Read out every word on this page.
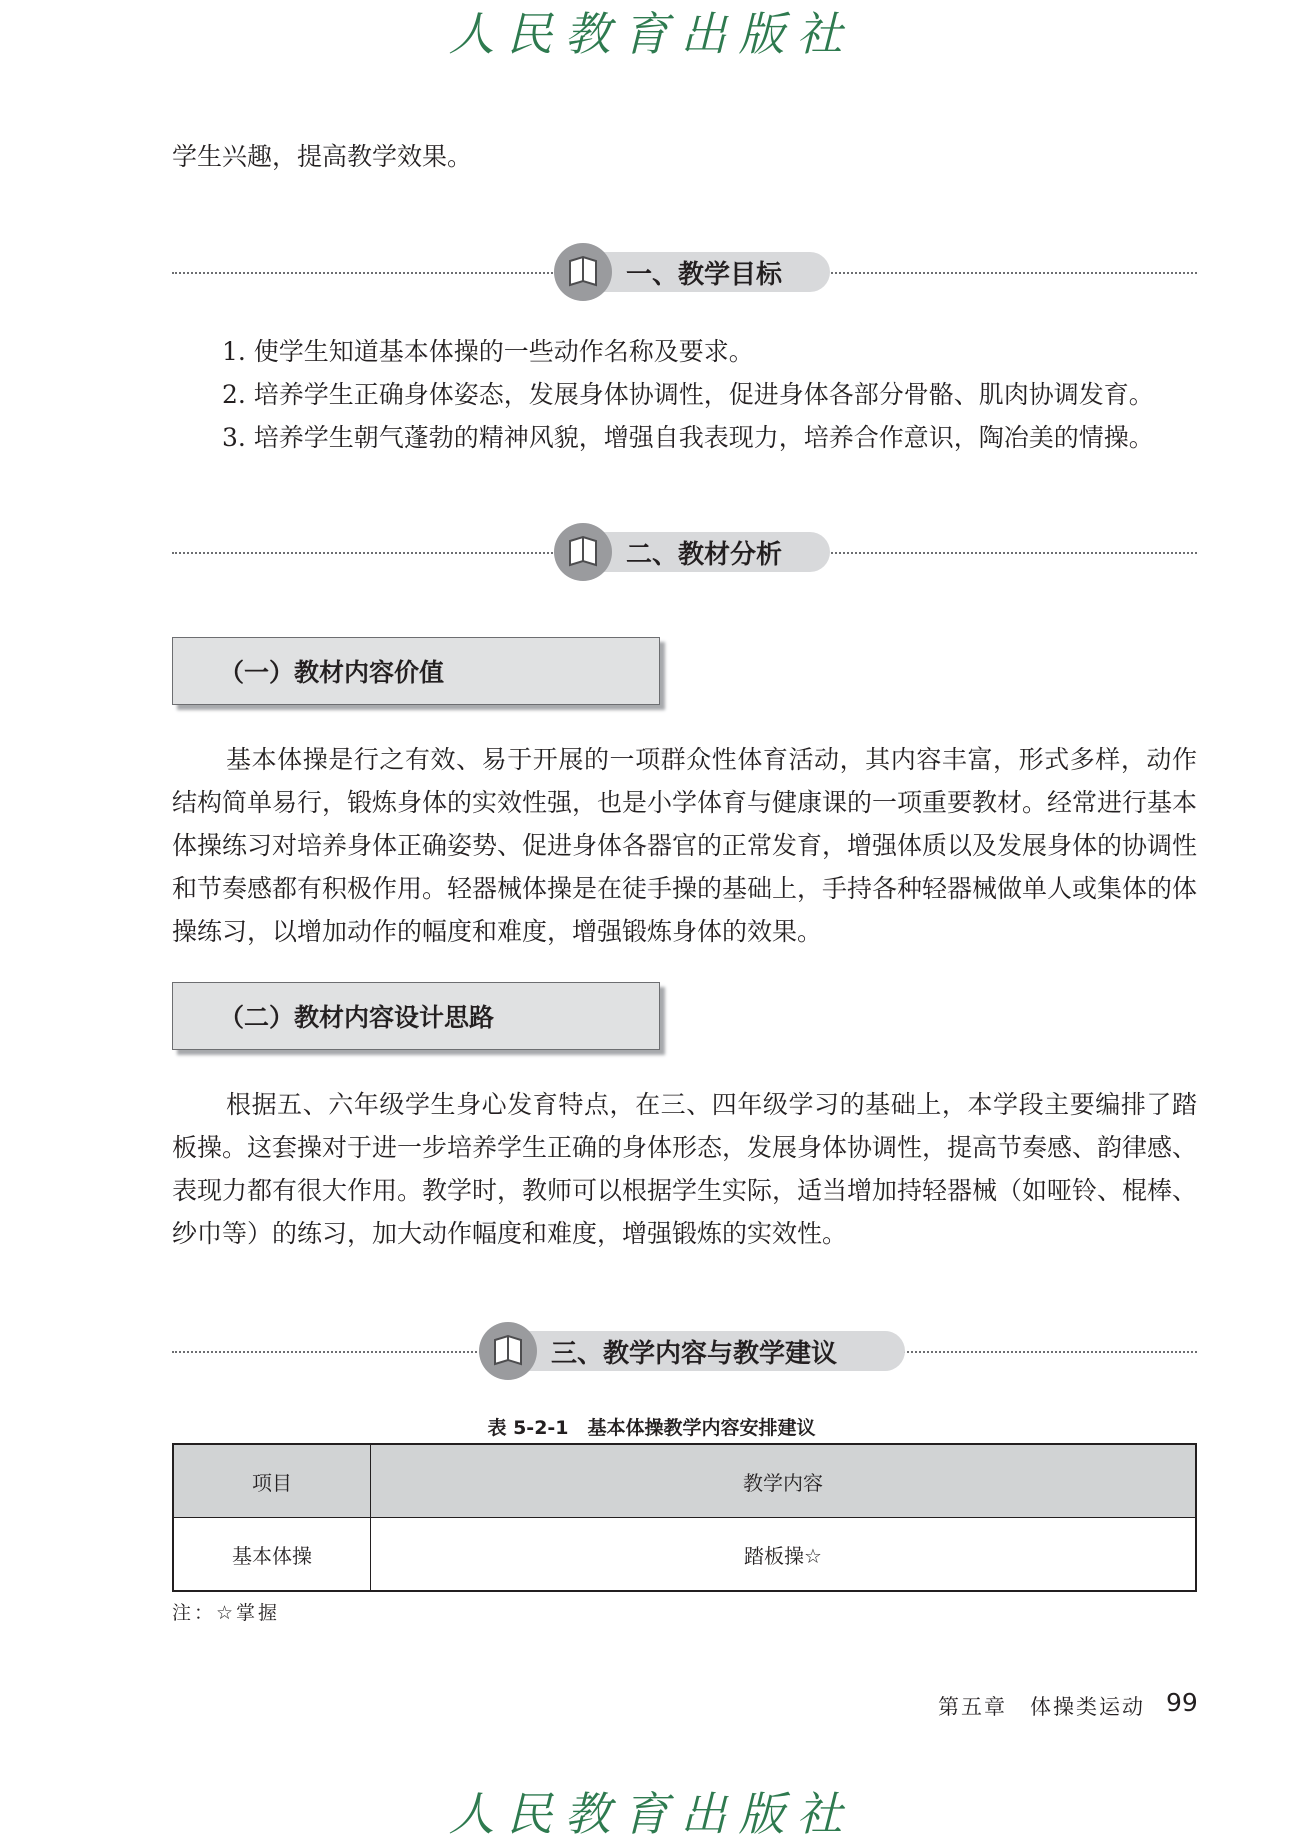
人民教育出版社

学生兴趣，提高教学效果。

一、教学目标

1. 使学生知道基本体操的一些动作名称及要求。

2. 培养学生正确身体姿态，发展身体协调性，促进身体各部分骨骼、肌肉协调发育。

3. 培养学生朝气蓬勃的精神风貌，增强自我表现力，培养合作意识，陶冶美的情操。

二、教材分析
（一）教材内容价值

基本体操是行之有效、易于开展的一项群众性体育活动，其内容丰富，形式多样，动作结构简单易行，锻炼身体的实效性强，也是小学体育与健康课的一项重要教材。经常进行基本体操练习对培养身体正确姿势、促进身体各器官的正常发育，增强体质以及发展身体的协调性和节奏感都有积极作用。轻器械体操是在徒手操的基础上，手持各种轻器械做单人或集体的体操练习，以增加动作的幅度和难度，增强锻炼身体的效果。

（二）教材内容设计思路

根据五、六年级学生身心发育特点，在三、四年级学习的基础上，本学段主要编排了踏板操。这套操对于进一步培养学生正确的身体形态，发展身体协调性，提高节奏感、韵律感、表现力都有很大作用。教学时，教师可以根据学生实际，适当增加持轻器械（如哑铃、棍棒、纱巾等）的练习，加大动作幅度和难度，增强锻炼的实效性。

三、教学内容与教学建议
表 5-2-1　基本体操教学内容安排建议
项目	教学内容
基本体操	踏板操☆
注：☆掌握
第五章　体操类运动 99
人民教育出版社
